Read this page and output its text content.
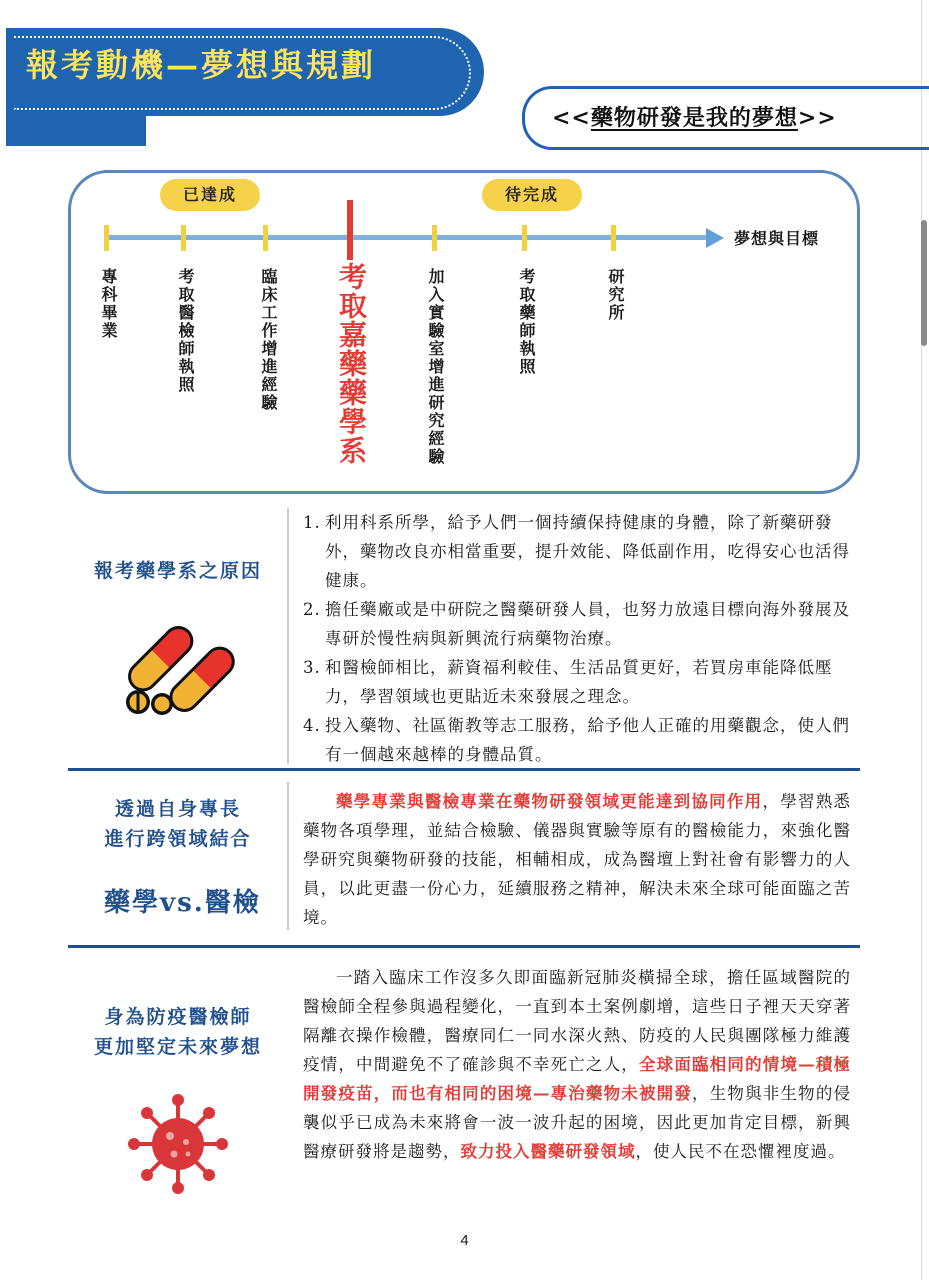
報考動機—夢想與規劃
<<藥物研發是我的夢想>>
已達成	待完成
夢想與目標
專科畢業	考取醫檢師執照	臨床工作增進經驗 考取嘉藥藥學系	加入實驗室增進研究經驗	考取藥師執照	研究所
報考藥學系之原因
1. 利用科系所學，給予人們一個持續保持健康的身體，除了新藥研發外，藥物改良亦相當重要，提升效能、降低副作用，吃得安心也活得健康。
2. 擔任藥廠或是中研院之醫藥研發人員，也努力放遠目標向海外發展及專研於慢性病與新興流行病藥物治療。
3. 和醫檢師相比，薪資福利較佳、生活品質更好，若買房車能降低壓力，學習領域也更貼近未來發展之理念。
4. 投入藥物、社區衛教等志工服務，給予他人正確的用藥觀念，使人們有一個越來越棒的身體品質。
透過自身專長
進行跨領域結合
藥學vs.醫檢
藥學專業與醫檢專業在藥物研發領域更能達到協同作用，學習熟悉藥物各項學理，並結合檢驗、儀器與實驗等原有的醫檢能力，來強化醫學研究與藥物研發的技能，相輔相成，成為醫壇上對社會有影響力的人員，以此更盡一份心力，延續服務之精神，解決未來全球可能面臨之苦境。
身為防疫醫檢師
更加堅定未來夢想
一踏入臨床工作沒多久即面臨新冠肺炎橫掃全球，擔任區域醫院的醫檢師全程參與過程變化，一直到本土案例劇增，這些日子裡天天穿著隔離衣操作檢體，醫療同仁一同水深火熱、防疫的人民與團隊極力維護疫情，中間避免不了確診與不幸死亡之人，全球面臨相同的情境—積極開發疫苗，而也有相同的困境—專治藥物未被開發，生物與非生物的侵襲似乎已成為未來將會一波一波升起的困境，因此更加肯定目標，新興醫療研發將是趨勢，致力投入醫藥研發領域，使人民不在恐懼裡度過。
4
